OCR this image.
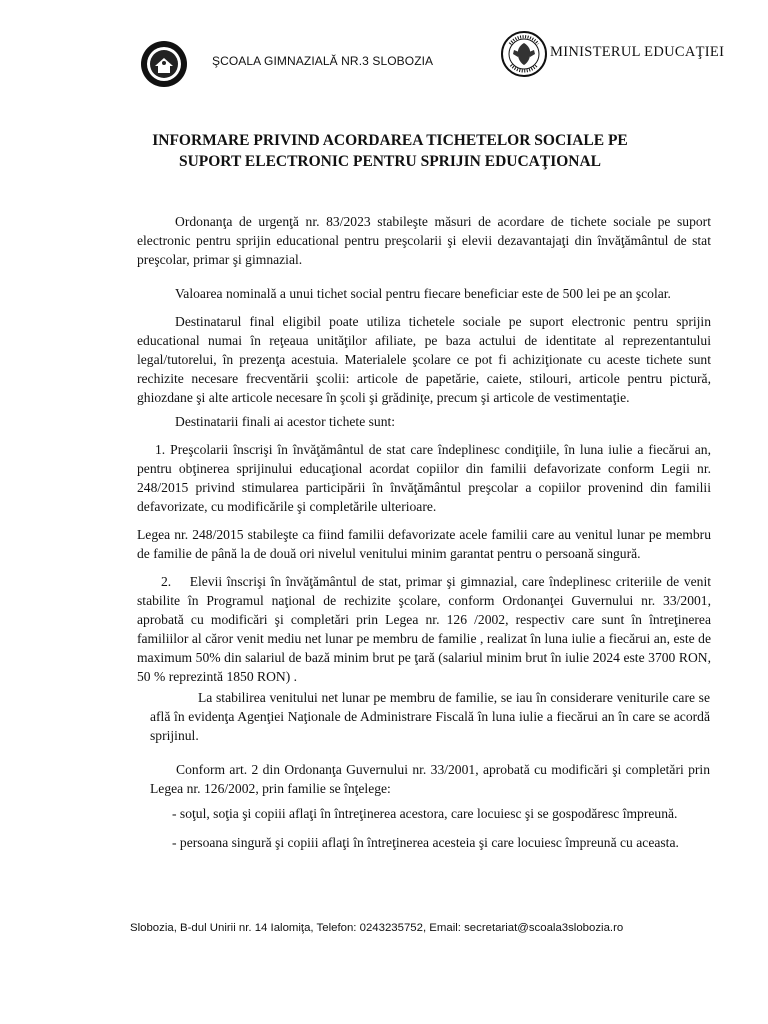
ŞCOALA GIMNAZIALĂ NR.3 SLOBOZIA
MINISTERUL EDUCAŢIEI
INFORMARE PRIVIND ACORDAREA TICHETELOR SOCIALE PE
SUPORT ELECTRONIC PENTRU SPRIJIN EDUCAŢIONAL
Ordonanţa de urgenţă nr. 83/2023 stabileşte măsuri de acordare de tichete sociale pe suport electronic pentru sprijin educational pentru preşcolarii şi elevii dezavantajaţi din învăţământul de stat preşcolar, primar şi gimnazial.
Valoarea nominală a unui tichet social pentru fiecare beneficiar este de 500 lei pe an şcolar.
Destinatarul final eligibil poate utiliza tichetele sociale pe suport electronic pentru sprijin educational numai în reţeaua unităţilor afiliate, pe baza actului de identitate al reprezentantului legal/tutorelui, în prezenţa acestuia. Materialele şcolare ce pot fi achiziţionate cu aceste tichete sunt rechizite necesare frecventării şcolii: articole de papetărie, caiete, stilouri, articole pentru pictură, ghiozdane şi alte articole necesare în şcoli şi grădiniţe, precum şi articole de vestimentaţie.
Destinatarii finali ai acestor tichete sunt:
1. Preşcolarii înscrişi în învăţământul de stat care îndeplinesc condiţiile, în luna iulie a fiecărui an, pentru obţinerea sprijinului educaţional acordat copiilor din familii defavorizate conform Legii nr. 248/2015 privind stimularea participării în învăţământul preşcolar a copiilor provenind din familii defavorizate, cu modificările şi completările ulterioare.
Legea nr. 248/2015 stabileşte ca fiind familii defavorizate acele familii care au venitul lunar pe membru de familie de până la de două ori nivelul venitului minim garantat pentru o persoană singură.
2. Elevii înscrişi în învăţământul de stat, primar şi gimnazial, care îndeplinesc criteriile de venit stabilite în Programul naţional de rechizite şcolare, conform Ordonanţei Guvernului nr. 33/2001, aprobată cu modificări şi completări prin Legea nr. 126 /2002, respectiv care sunt în întreţinerea familiilor al căror venit mediu net lunar pe membru de familie , realizat în luna iulie a fiecărui an, este de maximum 50% din salariul de bază minim brut pe ţară (salariul minim brut în iulie 2024 este 3700 RON, 50 % reprezintă 1850 RON) .
La stabilirea venitului net lunar pe membru de familie, se iau în considerare veniturile care se află în evidenţa Agenţiei Naţionale de Administrare Fiscală în luna iulie a fiecărui an în care se acordă sprijinul.
Conform art. 2 din Ordonanţa Guvernului nr. 33/2001, aprobată cu modificări şi completări prin Legea nr. 126/2002, prin familie se înţelege:
- soţul, soţia şi copiii aflaţi în întreţinerea acestora, care locuiesc şi se gospodăresc împreună.
- persoana singură şi copiii aflaţi în întreţinerea acesteia şi care locuiesc împreună cu aceasta.
Slobozia, B-dul Unirii nr. 14 Ialomiţa, Telefon: 0243235752, Email: secretariat@scoala3slobozia.ro
